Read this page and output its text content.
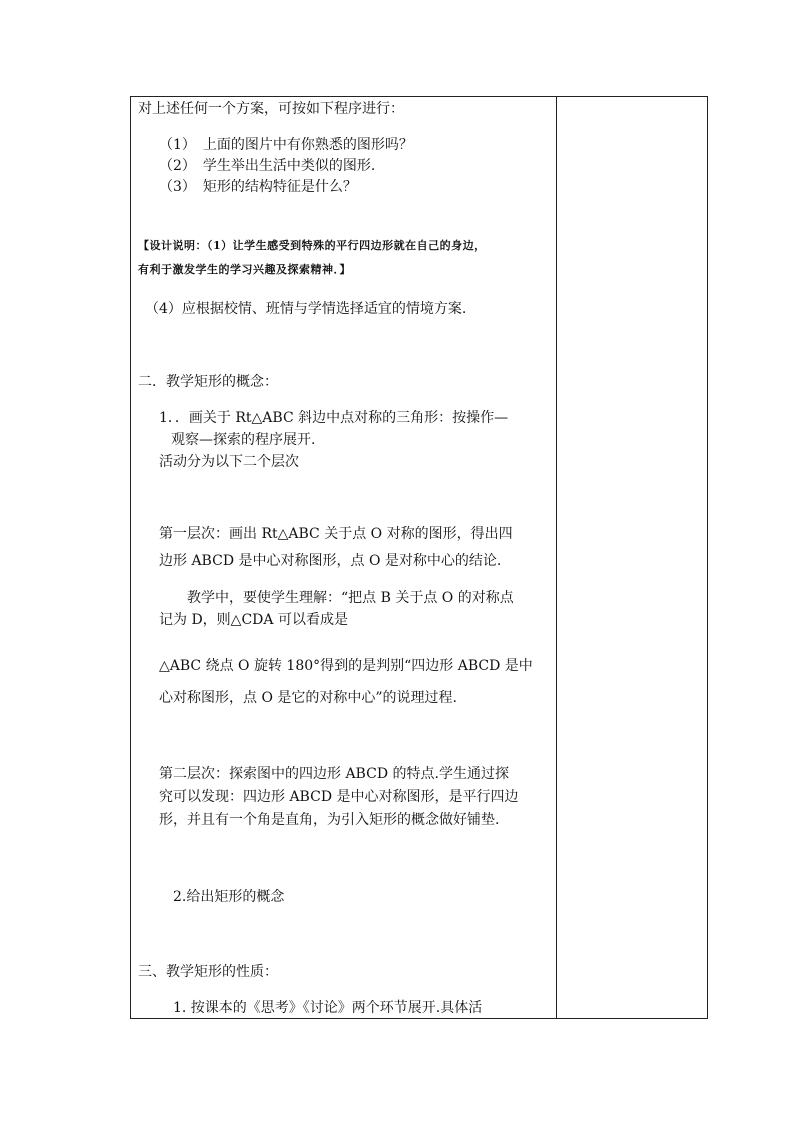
对上述任何一个方案，可按如下程序进行：
（1）　上面的图片中有你熟悉的图形吗？
（2）　学生举出生活中类似的图形.
（3）　矩形的结构特征是什么？
【设计说明：（1）让学生感受到特殊的平行四边形就在自己的身边，
有利于激发学生的学习兴趣及探索精神．】
（4）应根据校情、班情与学情选择适宜的情境方案.
二．教学矩形的概念：
1．．画关于 Rt△ABC 斜边中点对称的三角形：按操作—
观察—探索的程序展开.
活动分为以下二个层次
第一层次：画出 Rt△ABC 关于点 O 对称的图形，得出四
边形 ABCD 是中心对称图形，点 O 是对称中心的结论.
教学中，要使学生理解：“把点 B 关于点 O 的对称点
记为 D，则△CDA 可以看成是
△ABC 绕点 O 旋转 180°得到的是判别“四边形 ABCD 是中
心对称图形，点 O 是它的对称中心”的说理过程.
第二层次：探索图中的四边形 ABCD 的特点.学生通过探
究可以发现：四边形 ABCD 是中心对称图形，是平行四边
形，并且有一个角是直角，为引入矩形的概念做好铺垫.
2.给出矩形的概念
三、教学矩形的性质：
1. 按课本的《思考》《讨论》两个环节展开.具体活
